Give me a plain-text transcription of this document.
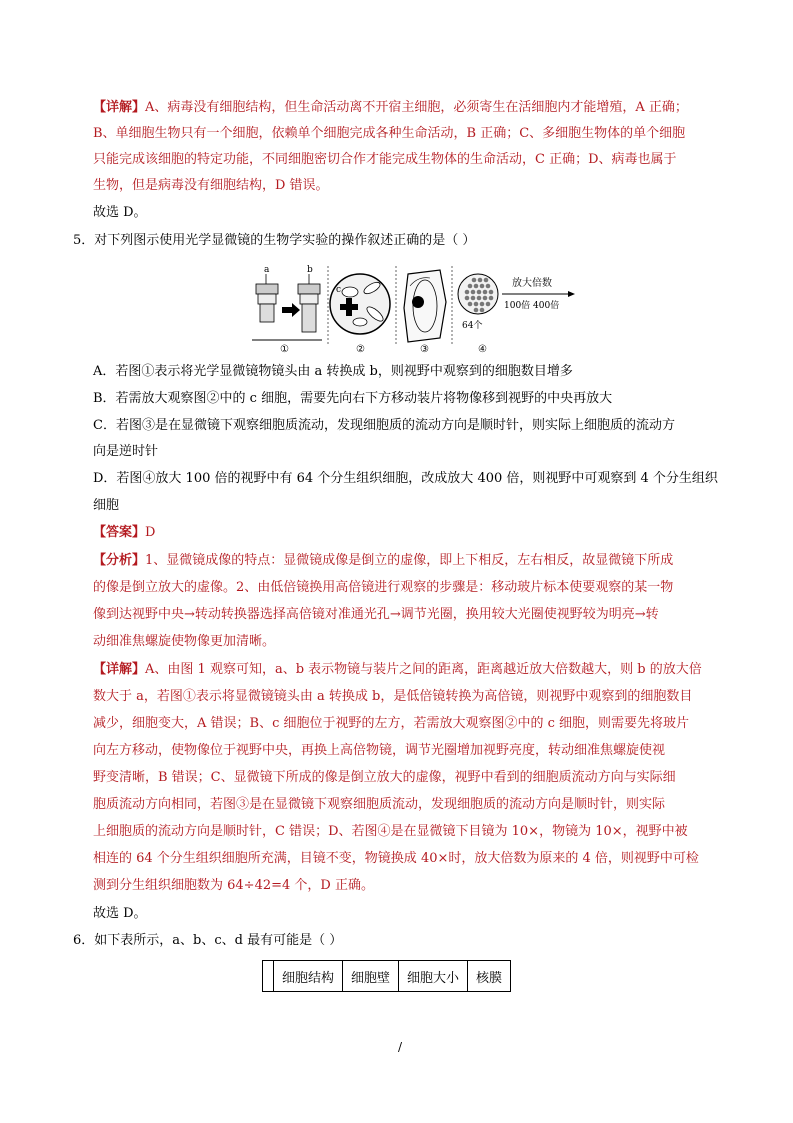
【详解】A、病毒没有细胞结构，但生命活动离不开宿主细胞，必须寄生在活细胞内才能增殖，A 正确；
B、单细胞生物只有一个细胞，依赖单个细胞完成各种生命活动，B 正确；C、多细胞生物体的单个细胞
只能完成该细胞的特定功能，不同细胞密切合作才能完成生物体的生命活动，C 正确；D、病毒也属于
生物，但是病毒没有细胞结构，D 错误。
故选 D。
5．对下列图示使用光学显微镜的生物学实验的操作叙述正确的是（ ）
a	b
①
c
②	③
64个
放大倍数
100倍 400倍
④
A．若图①表示将光学显微镜物镜头由 a 转换成 b，则视野中观察到的细胞数目增多
B．若需放大观察图②中的 c 细胞，需要先向右下方移动装片将物像移到视野的中央再放大
C．若图③是在显微镜下观察细胞质流动，发现细胞质的流动方向是顺时针，则实际上细胞质的流动方
向是逆时针
D．若图④放大 100 倍的视野中有 64 个分生组织细胞，改成放大 400 倍，则视野中可观察到 4 个分生组织
细胞
【答案】D
【分析】1、显微镜成像的特点：显微镜成像是倒立的虚像，即上下相反，左右相反，故显微镜下所成
的像是倒立放大的虚像。2、由低倍镜换用高倍镜进行观察的步骤是：移动玻片标本使要观察的某一物
像到达视野中央→转动转换器选择高倍镜对准通光孔→调节光圈，换用较大光圈使视野较为明亮→转
动细准焦螺旋使物像更加清晰。
【详解】A、由图 1 观察可知，a、b 表示物镜与装片之间的距离，距离越近放大倍数越大，则 b 的放大倍
数大于 a，若图①表示将显微镜镜头由 a 转换成 b，是低倍镜转换为高倍镜，则视野中观察到的细胞数目
减少，细胞变大，A 错误；B、c 细胞位于视野的左方，若需放大观察图②中的 c 细胞，则需要先将玻片
向左方移动，使物像位于视野中央，再换上高倍物镜，调节光圈增加视野亮度，转动细准焦螺旋使视
野变清晰，B 错误；C、显微镜下所成的像是倒立放大的虚像，视野中看到的细胞质流动方向与实际细
胞质流动方向相同，若图③是在显微镜下观察细胞质流动，发现细胞质的流动方向是顺时针，则实际
上细胞质的流动方向是顺时针，C 错误；D、若图④是在显微镜下目镜为 10×，物镜为 10×，视野中被
相连的 64 个分生组织细胞所充满，目镜不变，物镜换成 40×时，放大倍数为原来的 4 倍，则视野中可检
测到分生组织细胞数为 64÷42=4 个，D 正确。
故选 D。
6．如下表所示，a、b、c、d 最有可能是（ ）
	细胞结构	细胞壁	细胞大小	核膜
/
